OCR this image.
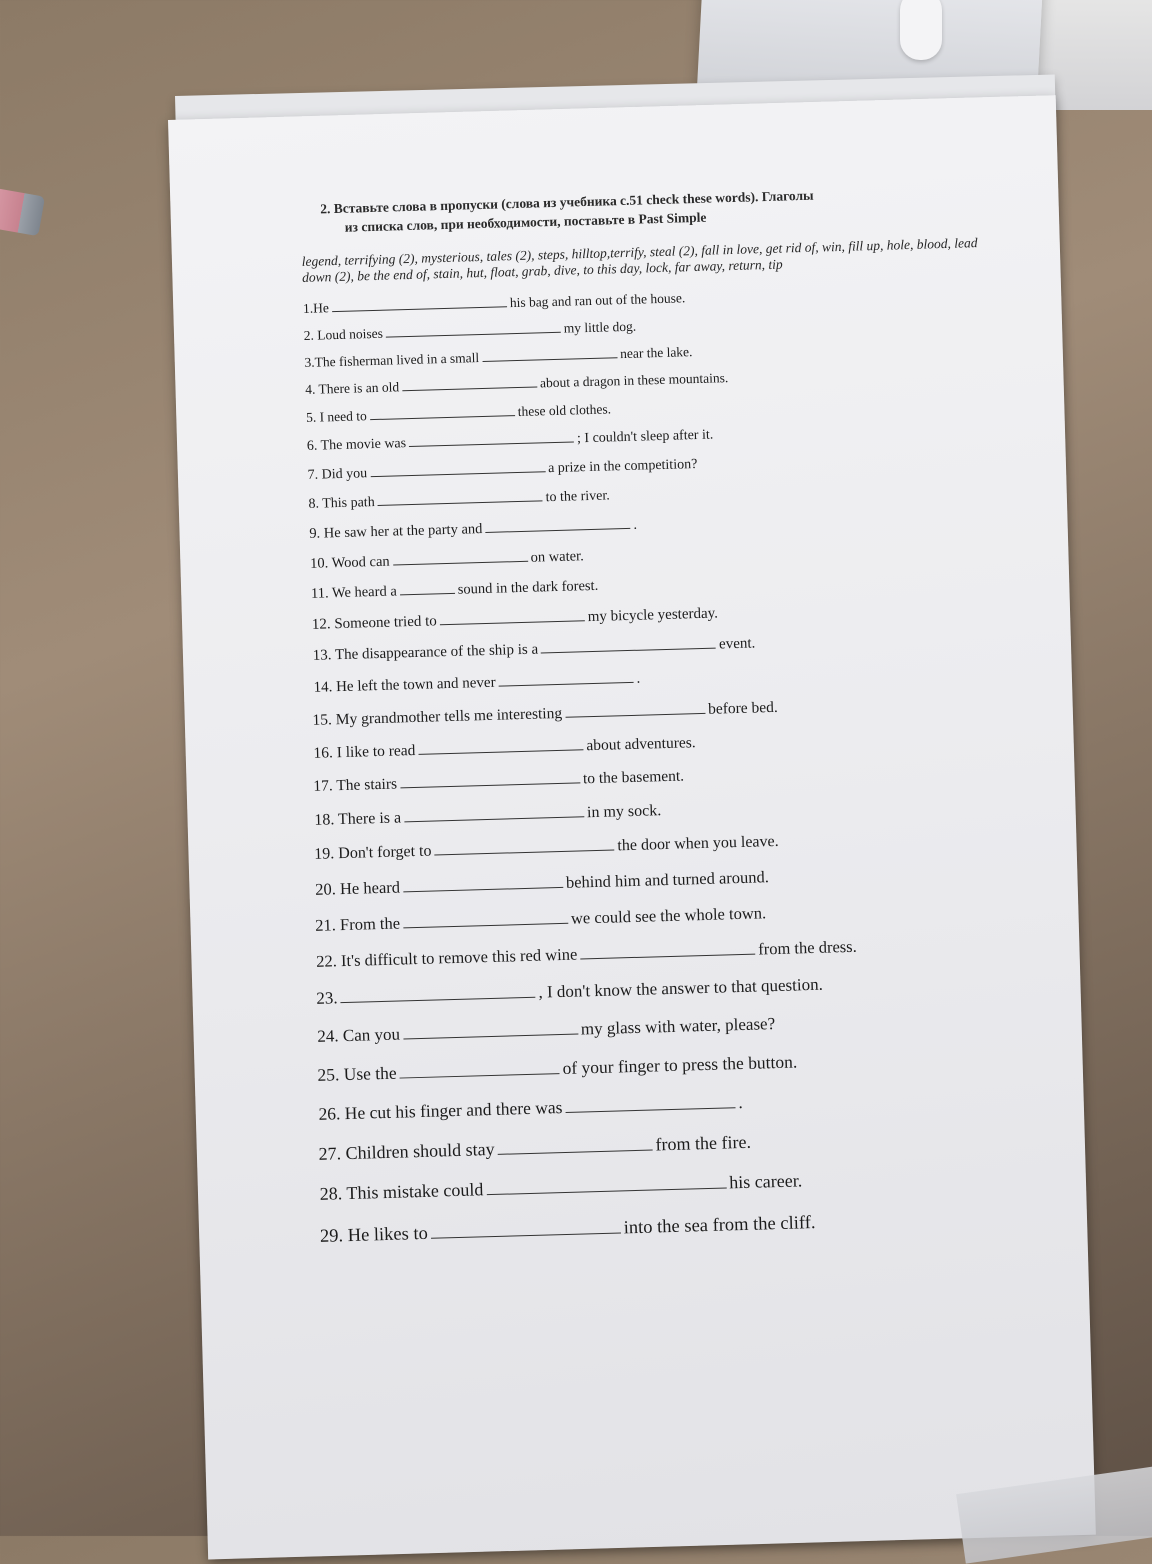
2. Вставьте слова в пропуски (слова из учебника с.51 check these words). Глаголы
из списка слов, при необходимости, поставьте в Past Simple
legend, terrifying (2), mysterious, tales (2), steps, hilltop,terrify, steal (2), fall in love, get rid of, win, fill up, hole, blood, lead down (2), be the end of, stain, hut, float, grab, dive, to this day, lock, far away, return, tip
1.He	his bag and ran out of the house.
2. Loud noises	my little dog.
3.The fisherman lived in a small	near the lake.
4. There is an old	about a dragon in these mountains.
5. I need to	these old clothes.
6. The movie was	; I couldn't sleep after it.
7. Did you	a prize in the competition?
8. This path	to the river.
9. He saw her at the party and	.
10. Wood can	on water.
11. We heard a	sound in the dark forest.
12. Someone tried to	my bicycle yesterday.
13. The disappearance of the ship is a	event.
14. He left the town and never	.
15. My grandmother tells me interesting	before bed.
16. I like to read	about adventures.
17. The stairs	to the basement.
18. There is a	in my sock.
19. Don't forget to	the door when you leave.
20. He heard	behind him and turned around.
21. From the	we could see the whole town.
22. It's difficult to remove this red wine	from the dress.
23.	, I don't know the answer to that question.
24. Can you	my glass with water, please?
25. Use the	of your finger to press the button.
26. He cut his finger and there was	.
27. Children should stay	from the fire.
28. This mistake could	his career.
29. He likes to	into the sea from the cliff.
